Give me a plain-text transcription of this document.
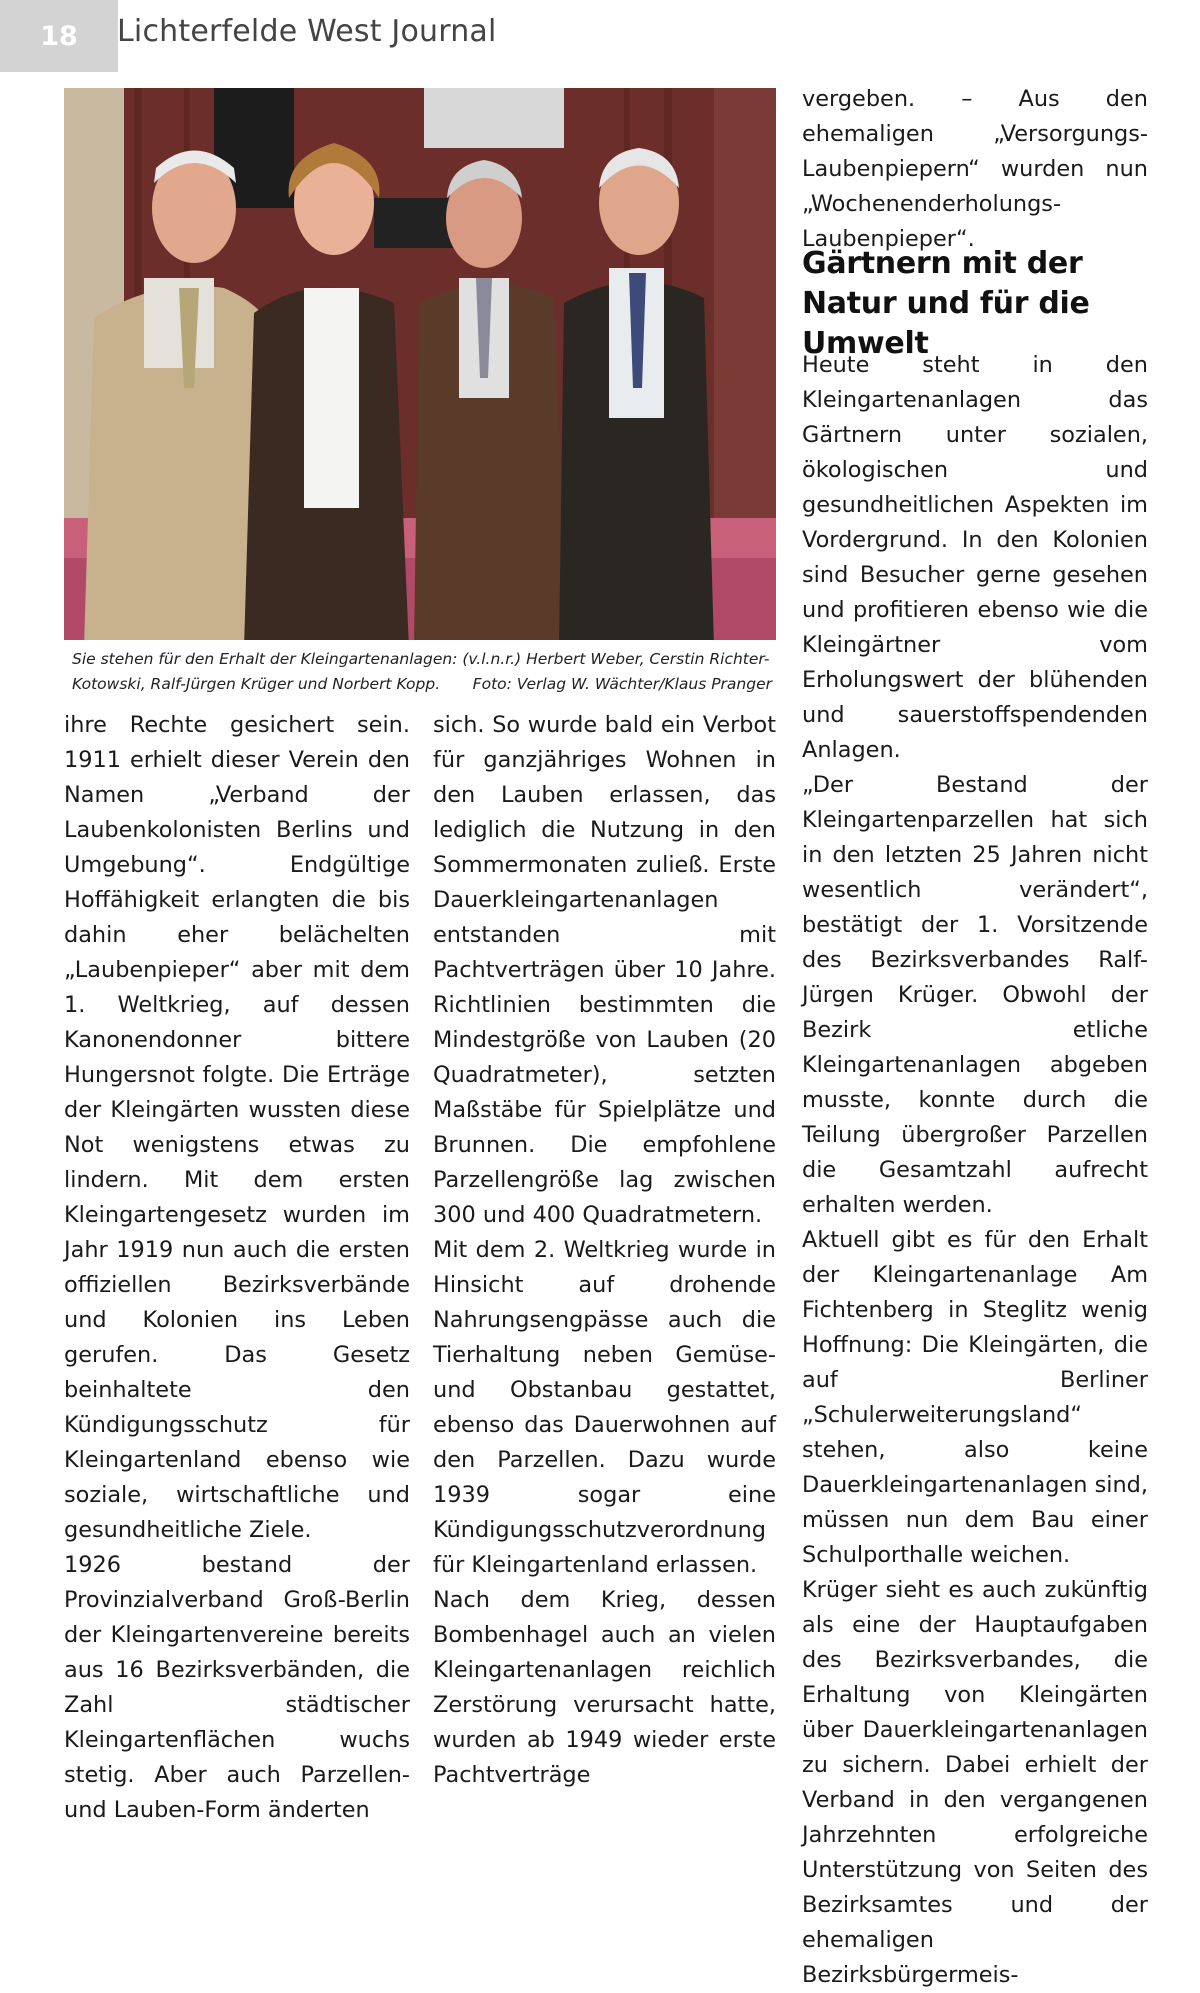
18	Lichterfelde West Journal
Sie stehen für den Erhalt der Kleingartenanlagen: (v.l.n.r.) Herbert Weber, Cerstin Richter-Kotowski, Ralf-Jürgen Krüger und Norbert Kopp. Foto: Verlag W. Wächter/Klaus Pranger

ihre Rechte gesichert sein. 1911 erhielt dieser Verein den Namen „Verband der Laubenkolonisten Berlins und Umgebung“. Endgültige Hoffähigkeit erlangten die bis dahin eher belächelten „Laubenpieper“ aber mit dem 1. Weltkrieg, auf dessen Kanonendonner bittere Hungersnot folgte. Die Erträge der Kleingärten wussten diese Not wenigstens etwas zu lindern. Mit dem ersten Kleingartengesetz wurden im Jahr 1919 nun auch die ersten offiziellen Bezirksverbände und Kolonien ins Leben gerufen. Das Gesetz beinhaltete den Kündigungsschutz für Kleingartenland ebenso wie soziale, wirtschaftliche und gesundheitliche Ziele.

1926 bestand der Provinzialverband Groß-Berlin der Kleingartenvereine bereits aus 16 Bezirksverbänden, die Zahl städtischer Kleingartenflächen wuchs stetig. Aber auch Parzellen- und Lauben-Form änderten

sich. So wurde bald ein Verbot für ganzjähriges Wohnen in den Lauben erlassen, das lediglich die Nutzung in den Sommermonaten zuließ. Erste Dauerkleingartenanlagen entstanden mit Pachtverträgen über 10 Jahre. Richtlinien bestimmten die Mindestgröße von Lauben (20 Quadratmeter), setzten Maßstäbe für Spielplätze und Brunnen. Die empfohlene Parzellengröße lag zwischen 300 und 400 Quadratmetern.

Mit dem 2. Weltkrieg wurde in Hinsicht auf drohende Nahrungsengpässe auch die Tierhaltung neben Gemüse- und Obstanbau gestattet, ebenso das Dauerwohnen auf den Parzellen. Dazu wurde 1939 sogar eine Kündigungsschutzverordnung für Kleingartenland erlassen.

Nach dem Krieg, dessen Bombenhagel auch an vielen Kleingartenanlagen reichlich Zerstörung verursacht hatte, wurden ab 1949 wieder erste Pachtverträge

vergeben. – Aus den ehemaligen „Versorgungs-Laubenpiepern“ wurden nun „Wochenenderholungs-Laubenpieper“.

Gärtnern mit der Natur und für die Umwelt

Heute steht in den Kleingartenanlagen das Gärtnern unter sozialen, ökologischen und gesundheitlichen Aspekten im Vordergrund. In den Kolonien sind Besucher gerne gesehen und profitieren ebenso wie die Kleingärtner vom Erholungswert der blühenden und sauerstoffspendenden Anlagen.

„Der Bestand der Kleingartenparzellen hat sich in den letzten 25 Jahren nicht wesentlich verändert“, bestätigt der 1. Vorsitzende des Bezirksverbandes Ralf-Jürgen Krüger. Obwohl der Bezirk etliche Kleingartenanlagen abgeben musste, konnte durch die Teilung übergroßer Parzellen die Gesamtzahl aufrecht erhalten werden.

Aktuell gibt es für den Erhalt der Kleingartenanlage Am Fichtenberg in Steglitz wenig Hoffnung: Die Kleingärten, die auf Berliner „Schulerweiterungsland“ stehen, also keine Dauerkleingartenanlagen sind, müssen nun dem Bau einer Schulporthalle weichen.

Krüger sieht es auch zukünftig als eine der Hauptaufgaben des Bezirksverbandes, die Erhaltung von Kleingärten über Dauerkleingartenanlagen zu sichern. Dabei erhielt der Verband in den vergangenen Jahrzehnten erfolgreiche Unterstützung von Seiten des Bezirksamtes und der ehemaligen Bezirksbürgermeis-
